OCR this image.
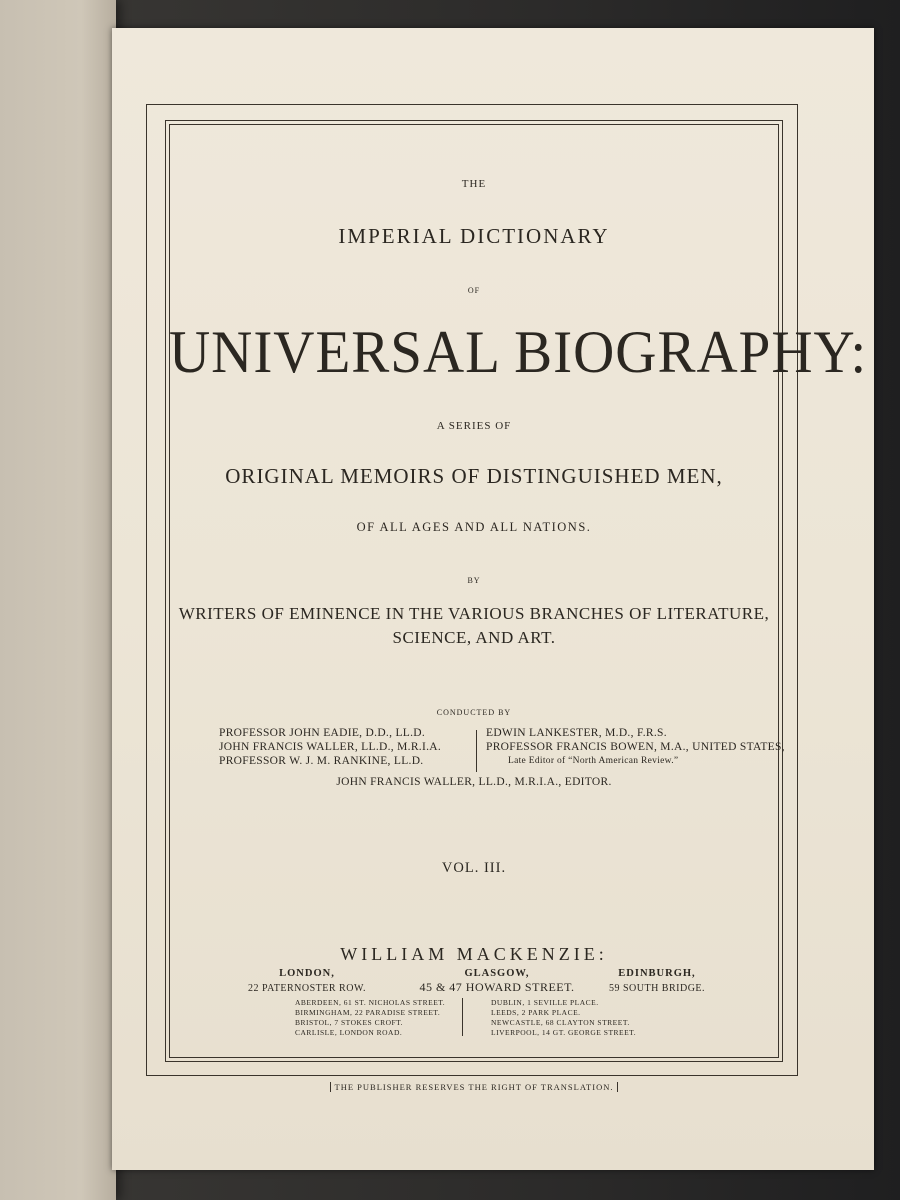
THE

IMPERIAL DICTIONARY

OF

UNIVERSAL BIOGRAPHY:

A SERIES OF

ORIGINAL MEMOIRS OF DISTINGUISHED MEN,

OF ALL AGES AND ALL NATIONS.

BY

WRITERS OF EMINENCE IN THE VARIOUS BRANCHES OF LITERATURE,

SCIENCE, AND ART.

CONDUCTED BY

PROFESSOR JOHN EADIE, D.D., LL.D.
JOHN FRANCIS WALLER, LL.D., M.R.I.A.
PROFESSOR W. J. M. RANKINE, LL.D.
EDWIN LANKESTER, M.D., F.R.S.
PROFESSOR FRANCIS BOWEN, M.A., UNITED STATES,
Late Editor of “North American Review.”

JOHN FRANCIS WALLER, LL.D., M.R.I.A., EDITOR.

VOL. III.

WILLIAM MACKENZIE:

LONDON,
22 PATERNOSTER ROW.
GLASGOW,
45 & 47 HOWARD STREET.
EDINBURGH,
59 SOUTH BRIDGE.
ABERDEEN, 61 ST. NICHOLAS STREET.
BIRMINGHAM, 22 PARADISE STREET.
BRISTOL, 7 STOKES CROFT.
CARLISLE, LONDON ROAD.
DUBLIN, 1 SEVILLE PLACE.
LEEDS, 2 PARK PLACE.
NEWCASTLE, 68 CLAYTON STREET.
LIVERPOOL, 14 GT. GEORGE STREET.

THE PUBLISHER RESERVES THE RIGHT OF TRANSLATION.
